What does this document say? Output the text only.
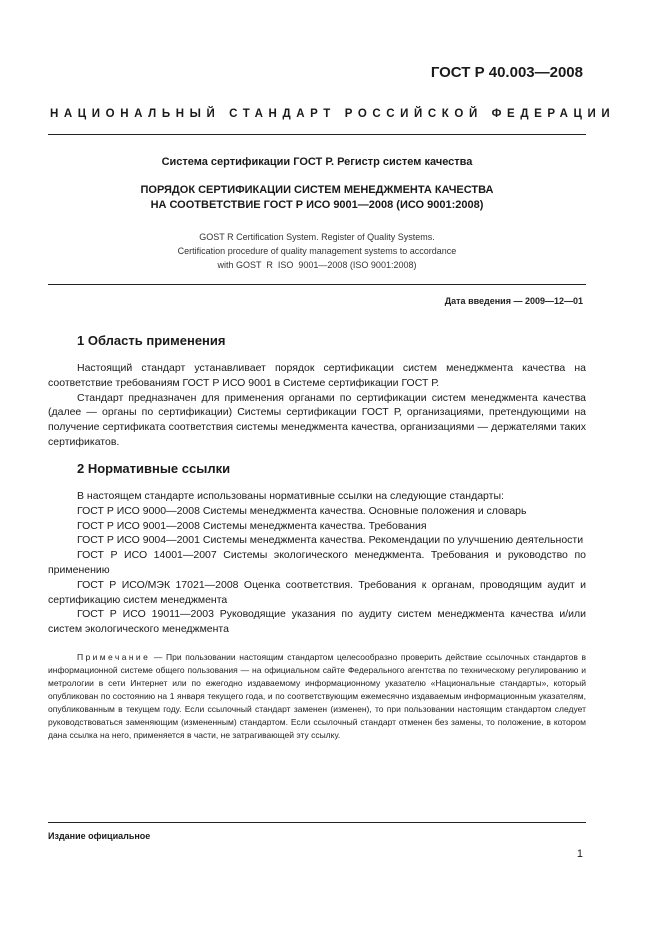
ГОСТ Р 40.003—2008
НАЦИОНАЛЬНЫЙ СТАНДАРТ РОССИЙСКОЙ ФЕДЕРАЦИИ
Система сертификации ГОСТ Р. Регистр систем качества
ПОРЯДОК СЕРТИФИКАЦИИ СИСТЕМ МЕНЕДЖМЕНТА КАЧЕСТВА
НА СООТВЕТСТВИЕ ГОСТ Р ИСО 9001—2008 (ИСО 9001:2008)
GOST R Certification System. Register of Quality Systems.
Certification procedure of quality management systems to accordance
with GOST  R  ISO  9001—2008 (ISO 9001:2008)
Дата введения — 2009—12—01
1 Область применения

Настоящий стандарт устанавливает порядок сертификации систем менеджмента качества на соответствие требованиям ГОСТ Р ИСО 9001 в Системе сертификации ГОСТ Р.

Стандарт предназначен для применения органами по сертификации систем менеджмента качества (далее — органы по сертификации) Системы сертификации ГОСТ Р, организациями, претендующими на получение сертификата соответствия системы менеджмента качества, организациями — держателями таких сертификатов.

2 Нормативные ссылки
В настоящем стандарте использованы нормативные ссылки на следующие стандарты:
ГОСТ Р ИСО 9000—2008 Системы менеджмента качества. Основные положения и словарь
ГОСТ Р ИСО 9001—2008 Системы менеджмента качества. Требования
ГОСТ Р ИСО 9004—2001 Системы менеджмента качества. Рекомендации по улучшению деятельности
ГОСТ Р ИСО 14001—2007 Системы экологического менеджмента. Требования и руководство по применению
ГОСТ Р ИСО/МЭК 17021—2008 Оценка соответствия. Требования к органам, проводящим аудит и сертификацию систем менеджмента
ГОСТ Р ИСО 19011—2003 Руководящие указания по аудиту систем менеджмента качества и/или систем экологического менеджмента

Примечание — При пользовании настоящим стандартом целесообразно проверить действие ссылочных стандартов в информационной системе общего пользования — на официальном сайте Федерального агентства по техническому регулированию и метрологии в сети Интернет или по ежегодно издаваемому информационному указателю «Национальные стандарты», который опубликован по состоянию на 1 января текущего года, и по соответствующим ежемесячно издаваемым информационным указателям, опубликованным в текущем году. Если ссылочный стандарт заменен (изменен), то при пользовании настоящим стандартом следует руководствоваться заменяющим (измененным) стандартом. Если ссылочный стандарт отменен без замены, то положение, в котором дана ссылка на него, применяется в части, не затрагивающей эту ссылку.

Издание официальное
1
